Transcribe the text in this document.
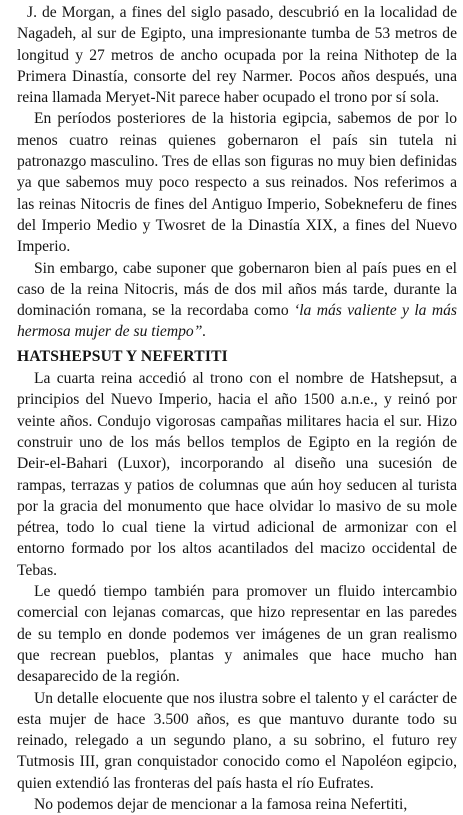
J. de Morgan, a fines del siglo pasado, descubrió en la localidad de Nagadeh, al sur de Egipto, una impresionante tumba de 53 metros de longitud y 27 metros de ancho ocupada por la reina Nithotep de la Primera Dinastía, consorte del rey Narmer. Pocos años después, una reina llamada Meryet-Nit parece haber ocupado el trono por sí sola.

En períodos posteriores de la historia egipcia, sabemos de por lo menos cuatro reinas quienes gobernaron el país sin tutela ni patronazgo masculino. Tres de ellas son figuras no muy bien definidas ya que sabemos muy poco respecto a sus reinados. Nos referimos a las reinas Nitocris de fines del Antiguo Imperio, Sobekneferu de fines del Imperio Medio y Twosret de la Dinastía XIX, a fines del Nuevo Imperio.

Sin embargo, cabe suponer que gobernaron bien al país pues en el caso de la reina Nitocris, más de dos mil años más tarde, durante la dominación romana, se la recordaba como ‘la más valiente y la más hermosa mujer de su tiempo”.

HATSHEPSUT Y NEFERTITI

La cuarta reina accedió al trono con el nombre de Hatshepsut, a principios del Nuevo Imperio, hacia el año 1500 a.n.e., y reinó por veinte años. Condujo vigorosas campañas militares hacia el sur. Hizo construir uno de los más bellos templos de Egipto en la región de Deir-el-Bahari (Luxor), incorporando al diseño una sucesión de rampas, terrazas y patios de columnas que aún hoy seducen al turista por la gracia del monumento que hace olvidar lo masivo de su mole pétrea, todo lo cual tiene la virtud adicional de armonizar con el entorno formado por los altos acantilados del macizo occidental de Tebas.

Le quedó tiempo también para promover un fluido intercambio comercial con lejanas comarcas, que hizo representar en las paredes de su templo en donde podemos ver imágenes de un gran realismo que recrean pueblos, plantas y animales que hace mucho han desaparecido de la región.

Un detalle elocuente que nos ilustra sobre el talento y el carácter de esta mujer de hace 3.500 años, es que mantuvo durante todo su reinado, relegado a un segundo plano, a su sobrino, el futuro rey Tutmosis III, gran conquistador conocido como el Napoléon egipcio, quien extendió las fronteras del país hasta el río Eufrates.

No podemos dejar de mencionar a la famosa reina Nefertiti,
